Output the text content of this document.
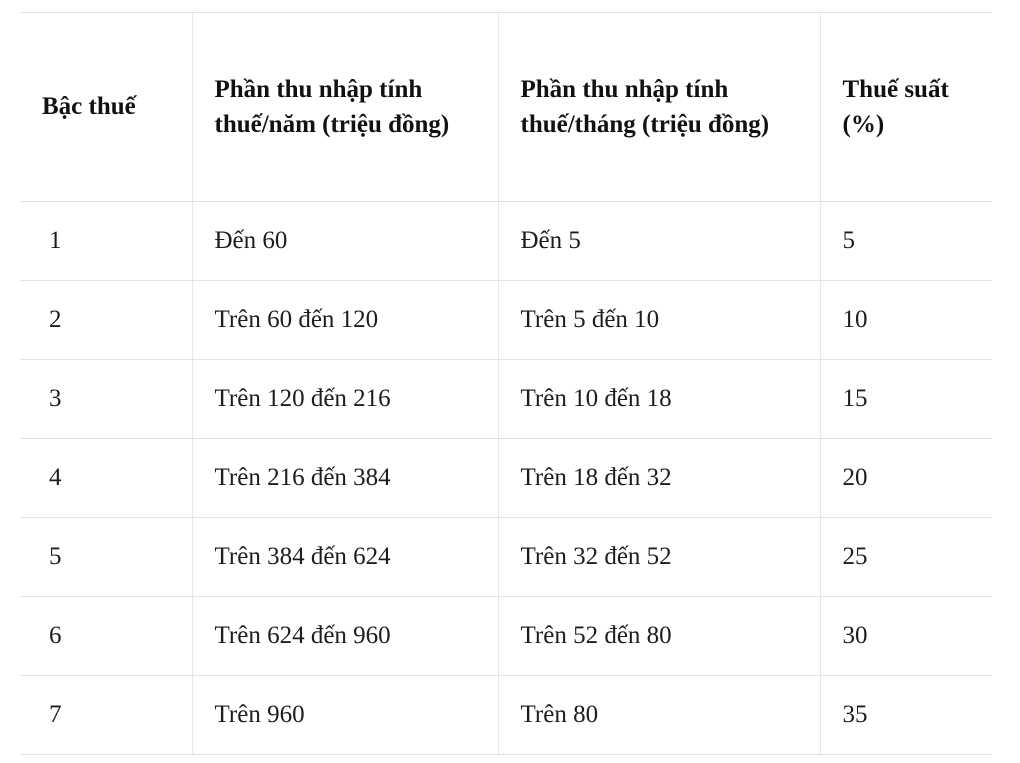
Bậc thuế	Phần thu nhập tính thuế/năm (triệu đồng)	Phần thu nhập tính thuế/tháng (triệu đồng)	Thuế suất (%)
1	Đến 60	Đến 5	5
2	Trên 60 đến 120	Trên 5 đến 10	10
3	Trên 120 đến 216	Trên 10 đến 18	15
4	Trên 216 đến 384	Trên 18 đến 32	20
5	Trên 384 đến 624	Trên 32 đến 52	25
6	Trên 624 đến 960	Trên 52 đến 80	30
7	Trên 960	Trên 80	35
